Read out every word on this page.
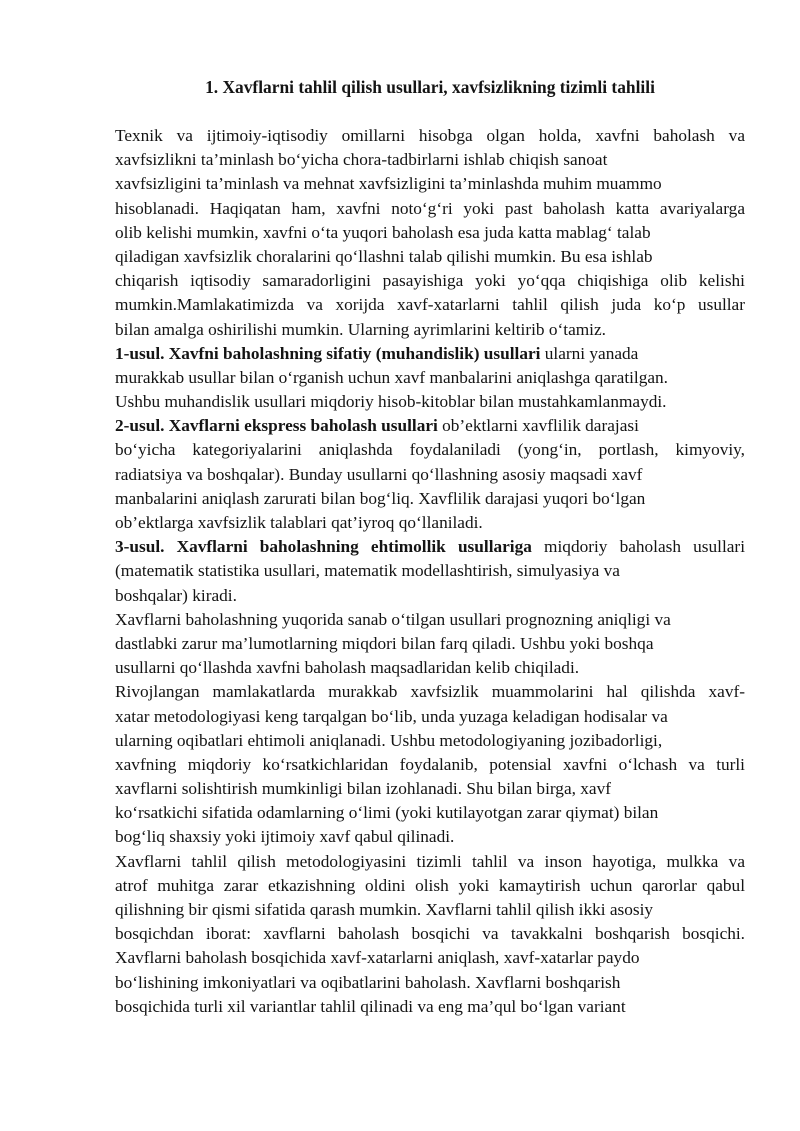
1. Xavflarni tahlil qilish usullari, xavfsizlikning tizimli tahlili
Texnik va ijtimoiy-iqtisodiy omillarni hisobga olgan holda, xavfni baholash va
xavfsizlikni ta’minlash bo‘yicha chora-tadbirlarni ishlab chiqish sanoat
xavfsizligini ta’minlash va mehnat xavfsizligini ta’minlashda muhim muammo
hisoblanadi. Haqiqatan ham, xavfni noto‘g‘ri yoki past baholash katta avariyalarga
olib kelishi mumkin, xavfni o‘ta yuqori baholash esa juda katta mablag‘ talab
qiladigan xavfsizlik choralarini qo‘llashni talab qilishi mumkin. Bu esa ishlab
chiqarish iqtisodiy samaradorligini pasayishiga yoki yo‘qqa chiqishiga olib kelishi
mumkin.Mamlakatimizda va xorijda xavf-xatarlarni tahlil qilish juda ko‘p usullar
bilan amalga oshirilishi mumkin. Ularning ayrimlarini keltirib o‘tamiz.
1-usul. Xavfni baholashning sifatiy (muhandislik) usullari ularni yanada
murakkab usullar bilan o‘rganish uchun xavf manbalarini aniqlashga qaratilgan.
Ushbu muhandislik usullari miqdoriy hisob-kitoblar bilan mustahkamlanmaydi.
2-usul. Xavflarni ekspress baholash usullari ob’ektlarni xavflilik darajasi
bo‘yicha kategoriyalarini aniqlashda foydalaniladi (yong‘in, portlash, kimyoviy,
radiatsiya va boshqalar). Bunday usullarni qo‘llashning asosiy maqsadi xavf
manbalarini aniqlash zarurati bilan bog‘liq. Xavflilik darajasi yuqori bo‘lgan
ob’ektlarga xavfsizlik talablari qat’iyroq qo‘llaniladi.
3-usul. Xavflarni baholashning ehtimollik usullariga miqdoriy baholash usullari
(matematik statistika usullari, matematik modellashtirish, simulyasiya va
boshqalar) kiradi.
Xavflarni baholashning yuqorida sanab o‘tilgan usullari prognozning aniqligi va
dastlabki zarur ma’lumotlarning miqdori bilan farq qiladi. Ushbu yoki boshqa
usullarni qo‘llashda xavfni baholash maqsadlaridan kelib chiqiladi.
Rivojlangan mamlakatlarda murakkab xavfsizlik muammolarini hal qilishda xavf-
xatar metodologiyasi keng tarqalgan bo‘lib, unda yuzaga keladigan hodisalar va
ularning oqibatlari ehtimoli aniqlanadi. Ushbu metodologiyaning jozibadorligi,
xavfning miqdoriy ko‘rsatkichlaridan foydalanib, potensial xavfni o‘lchash va turli
xavflarni solishtirish mumkinligi bilan izohlanadi. Shu bilan birga, xavf
ko‘rsatkichi sifatida odamlarning o‘limi (yoki kutilayotgan zarar qiymat) bilan
bog‘liq shaxsiy yoki ijtimoiy xavf qabul qilinadi.
Xavflarni tahlil qilish metodologiyasini tizimli tahlil va inson hayotiga, mulkka va
atrof muhitga zarar etkazishning oldini olish yoki kamaytirish uchun qarorlar qabul
qilishning bir qismi sifatida qarash mumkin. Xavflarni tahlil qilish ikki asosiy
bosqichdan iborat: xavflarni baholash bosqichi va tavakkalni boshqarish bosqichi.
Xavflarni baholash bosqichida xavf-xatarlarni aniqlash, xavf-xatarlar paydo
bo‘lishining imkoniyatlari va oqibatlarini baholash. Xavflarni boshqarish
bosqichida turli xil variantlar tahlil qilinadi va eng ma’qul bo‘lgan variant
